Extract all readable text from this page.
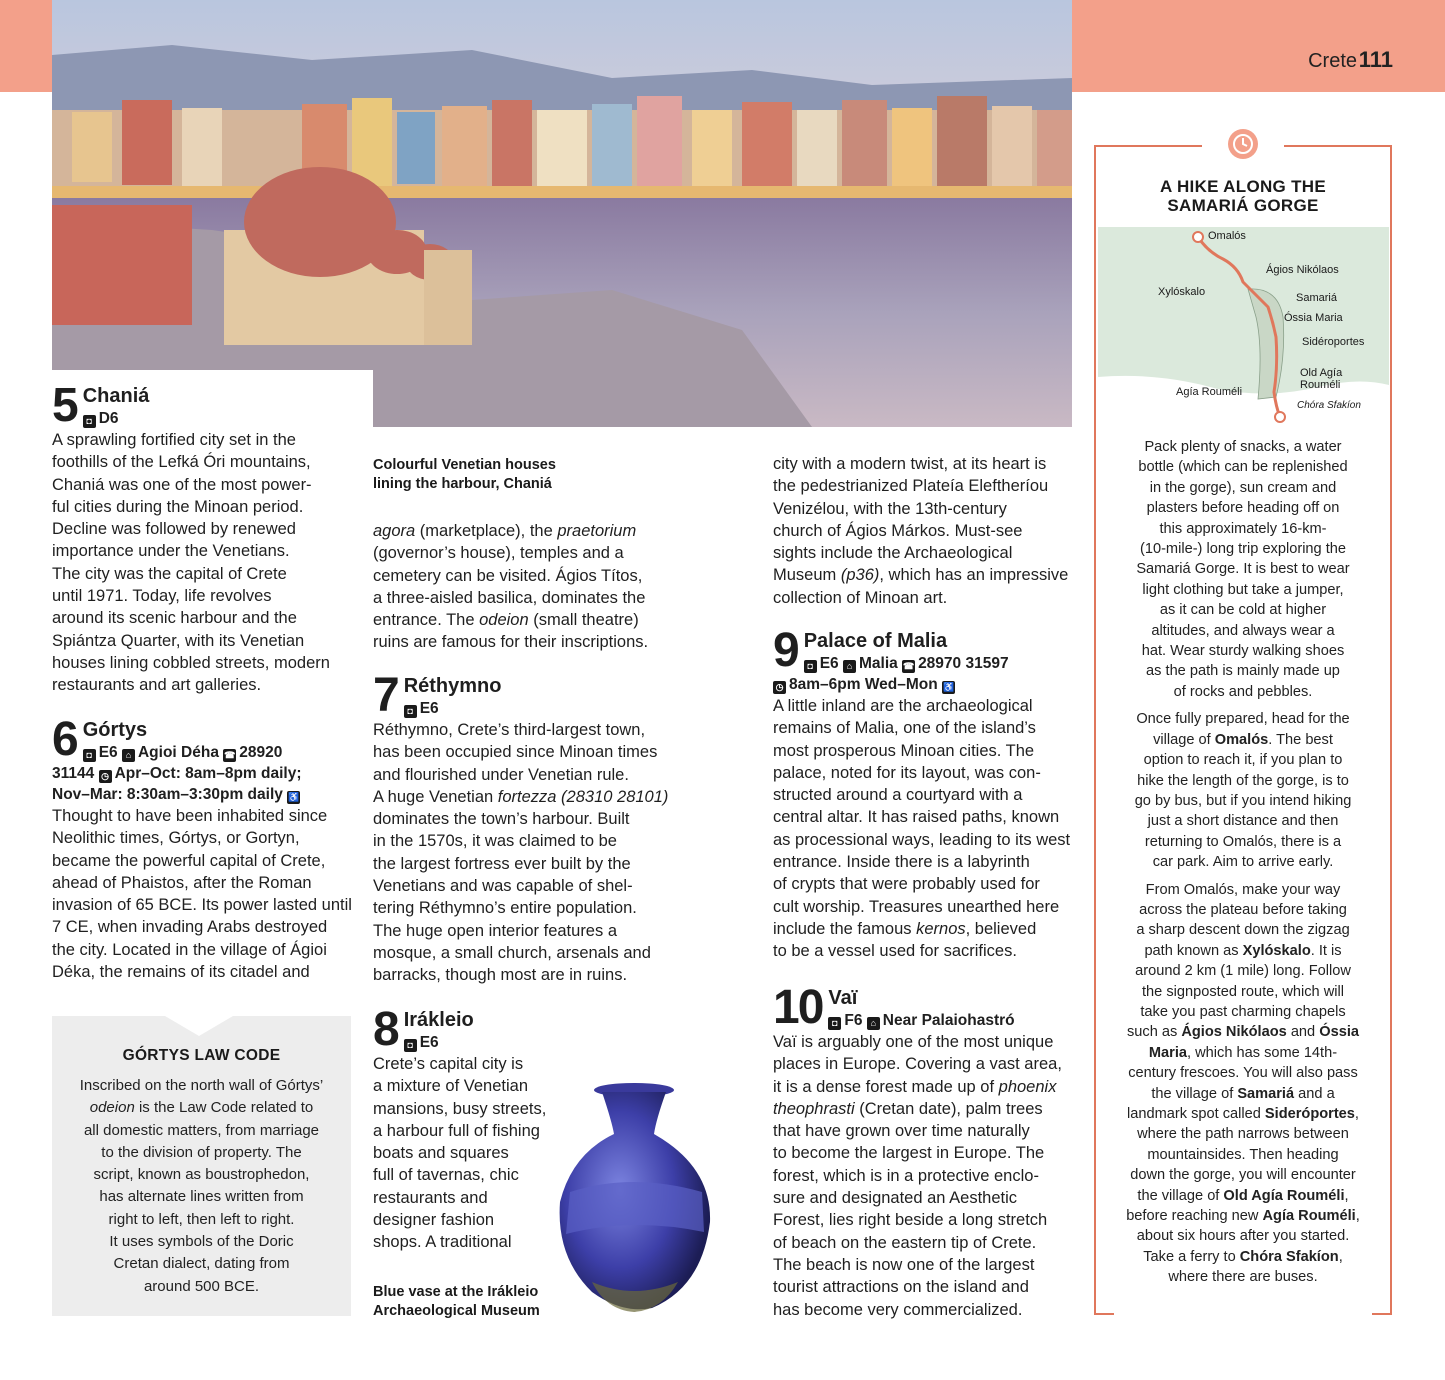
Crete 111
5 Chaniá
◘ D6
A sprawling fortified city set in the
foothills of the Lefká Óri mountains,
Chaniá was one of the most power-
ful cities during the Minoan period.
Decline was followed by renewed
importance under the Venetians.
The city was the capital of Crete
until 1971. Today, life revolves
around its scenic harbour and the
Spiántza Quarter, with its Venetian
houses lining cobbled streets, modern
restaurants and art galleries.
6 Górtys
◘ E6 ⌂ Agioi Déha ☎ 28920
31144 ◷ Apr–Oct: 8am–8pm daily;
Nov–Mar: 8:30am–3:30pm daily ♿
Thought to have been inhabited since
Neolithic times, Górtys, or Gortyn,
became the powerful capital of Crete,
ahead of Phaistos, after the Roman
invasion of 65 BCE. Its power lasted until
7 CE, when invading Arabs destroyed
the city. Located in the village of Ágioi
Déka, the remains of its citadel and
GÓRTYS LAW CODE
Inscribed on the north wall of Górtys’
odeion is the Law Code related to
all domestic matters, from marriage
to the division of property. The
script, known as boustrophedon,
has alternate lines written from
right to left, then left to right.
It uses symbols of the Doric
Cretan dialect, dating from
around 500 BCE.
Colourful Venetian houses
lining the harbour, Chaniá
agora (marketplace), the praetorium
(governor’s house), temples and a
cemetery can be visited. Ágios Títos,
a three-aisled basilica, dominates the
entrance. The odeion (small theatre)
ruins are famous for their inscriptions.
7 Réthymno
◘ E6
Réthymno, Crete’s third-largest town,
has been occupied since Minoan times
and flourished under Venetian rule.
A huge Venetian fortezza (28310 28101)
dominates the town’s harbour. Built
in the 1570s, it was claimed to be
the largest fortress ever built by the
Venetians and was capable of shel-
tering Réthymno’s entire population.
The huge open interior features a
mosque, a small church, arsenals and
barracks, though most are in ruins.
8 Irákleio
◘ E6
Crete’s capital city is
a mixture of Venetian
mansions, busy streets,
a harbour full of fishing
boats and squares
full of tavernas, chic
restaurants and
designer fashion
shops. A traditional
Blue vase at the Irákleio
Archaeological Museum
city with a modern twist, at its heart is
the pedestrianized Plateía Eleftheríou
Venizélou, with the 13th-century
church of Ágios Márkos. Must-see
sights include the Archaeological
Museum (p36), which has an impressive
collection of Minoan art.
9 Palace of Malia
◘ E6 ⌂ Malia ☎ 28970 31597
◷ 8am–6pm Wed–Mon ♿
A little inland are the archaeological
remains of Malia, one of the island’s
most prosperous Minoan cities. The
palace, noted for its layout, was con-
structed around a courtyard with a
central altar. It has raised paths, known
as processional ways, leading to its west
entrance. Inside there is a labyrinth
of crypts that were probably used for
cult worship. Treasures unearthed here
include the famous kernos, believed
to be a vessel used for sacrifices.
10 Vaï
◘ F6 ⌂ Near Palaiohastró
Vaï is arguably one of the most unique
places in Europe. Covering a vast area,
it is a dense forest made up of phoenix
theophrasti (Cretan date), palm trees
that have grown over time naturally
to become the largest in Europe. The
forest, which is in a protective enclo-
sure and designated an Aesthetic
Forest, lies right beside a long stretch
of beach on the eastern tip of Crete.
The beach is now one of the largest
tourist attractions on the island and
has become very commercialized.
A HIKE ALONG THE
SAMARIÁ GORGE
Omalós
Ágios Nikólaos
Xylóskalo	Samariá
Óssia Maria
Sidéroportes
Old Agía
Rouméli
Agía Rouméli
Chóra Sfakíon

Pack plenty of snacks, a water
bottle (which can be replenished
in the gorge), sun cream and
plasters before heading off on
this approximately 16-km-
(10-mile-) long trip exploring the
Samariá Gorge. It is best to wear
light clothing but take a jumper,
as it can be cold at higher
altitudes, and always wear a
hat. Wear sturdy walking shoes
as the path is mainly made up
of rocks and pebbles.

Once fully prepared, head for the
village of Omalós. The best
option to reach it, if you plan to
hike the length of the gorge, is to
go by bus, but if you intend hiking
just a short distance and then
returning to Omalós, there is a
car park. Aim to arrive early.

From Omalós, make your way
across the plateau before taking
a sharp descent down the zigzag
path known as Xylóskalo. It is
around 2 km (1 mile) long. Follow
the signposted route, which will
take you past charming chapels
such as Ágios Nikólaos and Óssia
Maria, which has some 14th-
century frescoes. You will also pass
the village of Samariá and a
landmark spot called Sideróportes,
where the path narrows between
mountainsides. Then heading
down the gorge, you will encounter
the village of Old Agía Rouméli,
before reaching new Agía Rouméli,
about six hours after you started.
Take a ferry to Chóra Sfakíon,
where there are buses.
